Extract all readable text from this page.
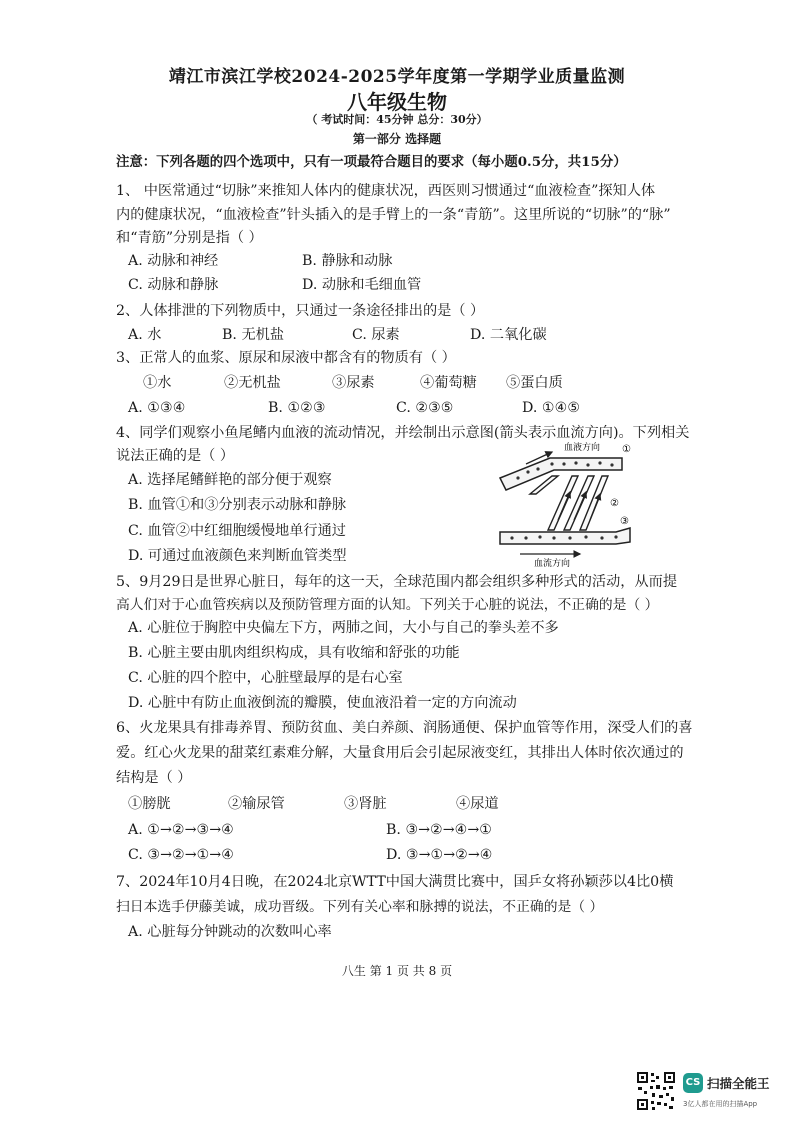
靖江市滨江学校2024-2025学年度第一学期学业质量监测
八年级生物
（ 考试时间：45分钟 总分：30分）
第一部分 选择题
注意：下列各题的四个选项中，只有一项最符合题目的要求（每小题0.5分，共15分）
1、 中医常通过“切脉”来推知人体内的健康状况，西医则习惯通过“血液检查”探知人体
内的健康状况，“血液检查”针头插入的是手臂上的一条“青筋”。这里所说的“切脉”的“脉”
和“青筋”分别是指（ ）
A. 动脉和神经	B. 静脉和动脉
C. 动脉和静脉	D. 动脉和毛细血管
2、人体排泄的下列物质中，只通过一条途径排出的是（ ）
A. 水	B. 无机盐	C. 尿素	D. 二氧化碳
3、正常人的血浆、原尿和尿液中都含有的物质有（ ）
①水	②无机盐	③尿素	④葡萄糖 ⑤蛋白质
A. ①③④	B. ①②③	C. ②③⑤	D. ①④⑤
4、同学们观察小鱼尾鳍内血液的流动情况，并绘制出示意图(箭头表示血流方向)。下列相关
说法正确的是（ ）
A. 选择尾鳍鲜艳的部分便于观察
B. 血管①和③分别表示动脉和静脉
C. 血管②中红细胞缓慢地单行通过
D. 可通过血液颜色来判断血管类型
血液方向
血流方向
①
②
③
5、9月29日是世界心脏日，每年的这一天，全球范围内都会组织多种形式的活动，从而提
高人们对于心血管疾病以及预防管理方面的认知。下列关于心脏的说法，不正确的是（ ）
A. 心脏位于胸腔中央偏左下方，两肺之间，大小与自己的拳头差不多
B. 心脏主要由肌肉组织构成，具有收缩和舒张的功能
C. 心脏的四个腔中，心脏壁最厚的是右心室
D. 心脏中有防止血液倒流的瓣膜，使血液沿着一定的方向流动
6、火龙果具有排毒养胃、预防贫血、美白养颜、润肠通便、保护血管等作用，深受人们的喜
爱。红心火龙果的甜菜红素难分解，大量食用后会引起尿液变红，其排出人体时依次通过的
结构是（ ）
①膀胱	②输尿管	③肾脏	④尿道
A. ①→②→③→④	B. ③→②→④→①
C. ③→②→①→④	D. ③→①→②→④
7、2024年10月4日晚，在2024北京WTT中国大满贯比赛中，国乒女将孙颖莎以4比0横
扫日本选手伊藤美诚，成功晋级。下列有关心率和脉搏的说法，不正确的是（ ）
A. 心脏每分钟跳动的次数叫心率
八生 第 1 页 共 8 页
CS 扫描全能王
3亿人都在用的扫描App
